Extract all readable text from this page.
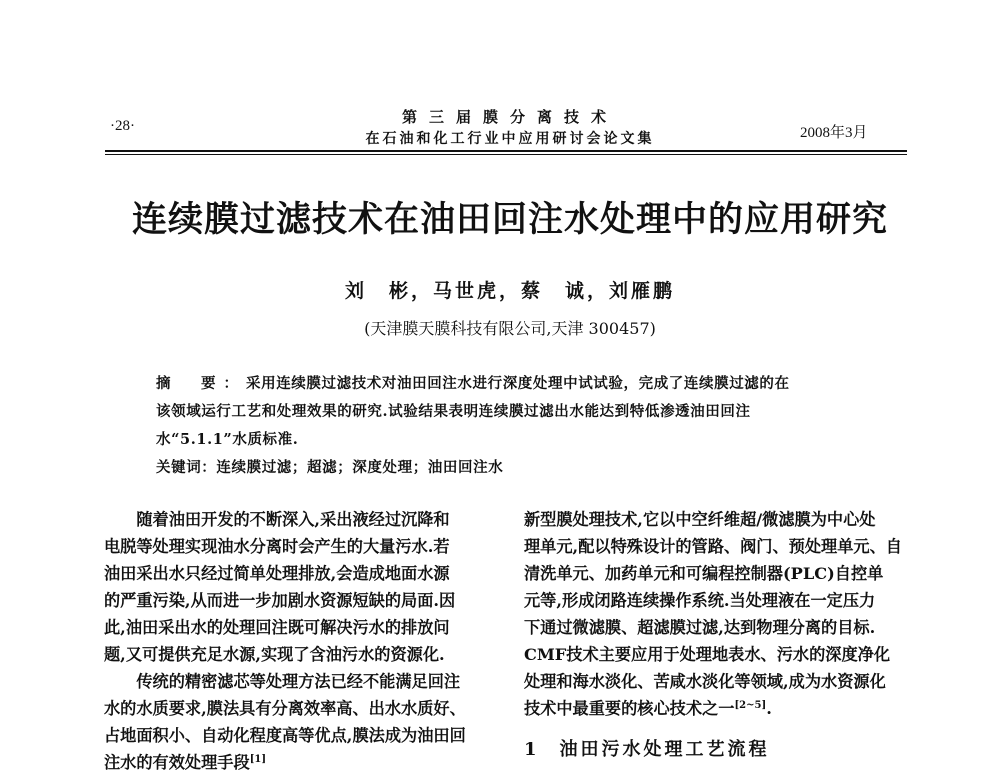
·28·	第三届膜分离技术
在石油和化工行业中应用研讨会论文集	2008年3月
连续膜过滤技术在油田回注水处理中的应用研究
刘　彬，马世虎，蔡　诚，刘雁鹏
(天津膜天膜科技有限公司,天津 300457)
摘　要：采用连续膜过滤技术对油田回注水进行深度处理中试试验，完成了连续膜过滤的在
该领域运行工艺和处理效果的研究.试验结果表明连续膜过滤出水能达到特低渗透油田回注
水“5.1.1”水质标准.
关键词：连续膜过滤；超滤；深度处理；油田回注水
　　随着油田开发的不断深入,采出液经过沉降和
电脱等处理实现油水分离时会产生的大量污水.若
油田采出水只经过简单处理排放,会造成地面水源
的严重污染,从而进一步加剧水资源短缺的局面.因
此,油田采出水的处理回注既可解决污水的排放问
题,又可提供充足水源,实现了含油污水的资源化.
　　传统的精密滤芯等处理方法已经不能满足回注
水的水质要求,膜法具有分离效率高、出水水质好、
占地面积小、自动化程度高等优点,膜法成为油田回
注水的有效处理手段[1]
新型膜处理技术,它以中空纤维超/微滤膜为中心处
理单元,配以特殊设计的管路、阀门、预处理单元、自
清洗单元、加药单元和可编程控制器(PLC)自控单
元等,形成闭路连续操作系统.当处理液在一定压力
下通过微滤膜、超滤膜过滤,达到物理分离的目标.
CMF技术主要应用于处理地表水、污水的深度净化
处理和海水淡化、苦咸水淡化等领域,成为水资源化
技术中最重要的核心技术之一[2~5].
1 油田污水处理工艺流程
